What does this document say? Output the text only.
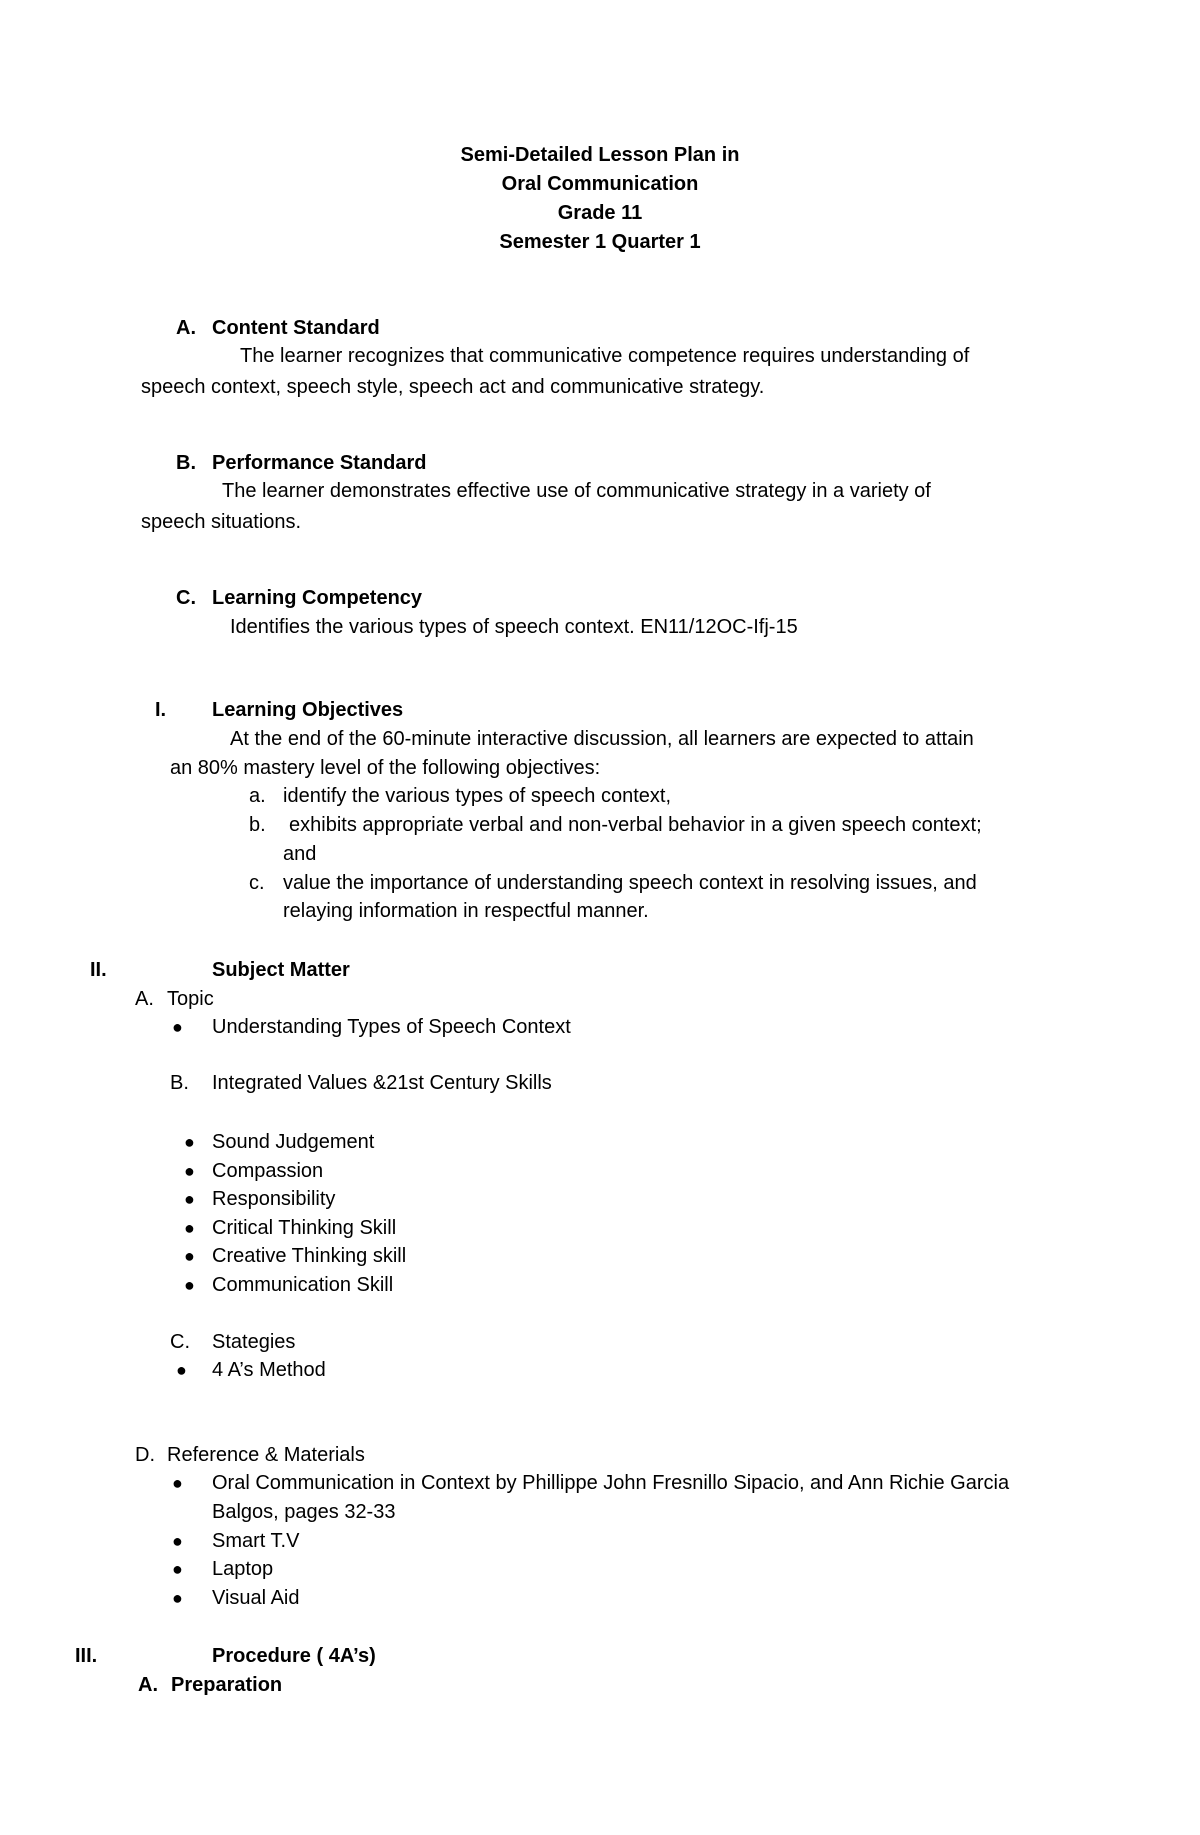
Semi-Detailed Lesson Plan in
Oral Communication
Grade 11
Semester 1 Quarter 1
A. Content Standard
The learner recognizes that communicative competence requires understanding of
speech context, speech style, speech act and communicative strategy.
B. Performance Standard
The learner demonstrates effective use of communicative strategy in a variety of
speech situations.
C. Learning Competency
Identifies the various types of speech context. EN11/12OC-Ifj-15
I. Learning Objectives
At the end of the 60-minute interactive discussion, all learners are expected to attain
an 80% mastery level of the following objectives:
a. identify the various types of speech context,
b. exhibits appropriate verbal and non-verbal behavior in a given speech context;
and
c. value the importance of understanding speech context in resolving issues, and
relaying information in respectful manner.
II.	Subject Matter
A. Topic
● Understanding Types of Speech Context
B. Integrated Values &21st Century Skills
● Sound Judgement
● Compassion
● Responsibility
● Critical Thinking Skill
● Creative Thinking skill
● Communication Skill
C. Stategies
● 4 A’s Method
D. Reference & Materials
● Oral Communication in Context by Phillippe John Fresnillo Sipacio, and Ann Richie Garcia
Balgos, pages 32-33
● Smart T.V
● Laptop
● Visual Aid
III.	Procedure ( 4A’s)
A. Preparation
